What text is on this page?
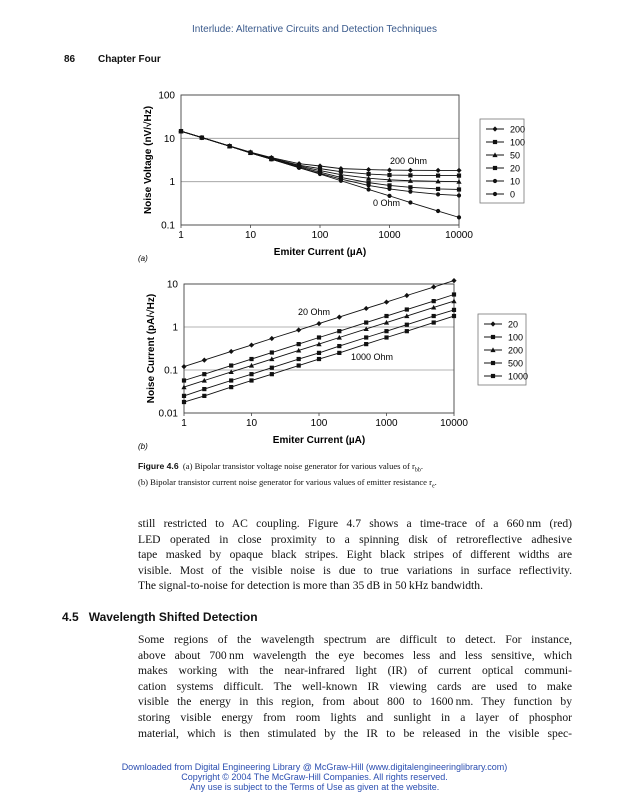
Interlude: Alternative Circuits and Detection Techniques
86 Chapter Four
1	10	100	1000	10000
100
10
1
0.1
Emiter Current (µA)
Noise Voltage (nV/√Hz)
(a)
200 Ohm
0 Ohm
200
100
50
20
10
0
1	10	100	1000	10000
10
1
0.1
0.01
Emiter Current (µA)
Noise Current (pA/√Hz)
(b)
20 Ohm
1000 Ohm
20
100
200
500
1000
Figure 4.6 (a) Bipolar transistor voltage noise generator for various values of $r_{bb}$.
(b) Bipolar transistor current noise generator for various values of emitter resistance $r_e$.
still restricted to AC coupling. Figure 4.7 shows a time-trace of a 660 nm (red)
LED operated in close proximity to a spinning disk of retroreflective adhesive
tape masked by opaque black stripes. Eight black stripes of different widths are
visible. Most of the visible noise is due to true variations in surface reflectivity.
The signal-to-noise for detection is more than 35 dB in 50 kHz bandwidth.
4.5 Wavelength Shifted Detection
Some regions of the wavelength spectrum are difficult to detect. For instance,
above about 700 nm wavelength the eye becomes less and less sensitive, which
makes working with the near-infrared light (IR) of current optical communi-
cation systems difficult. The well-known IR viewing cards are used to make
visible the energy in this region, from about 800 to 1600 nm. They function by
storing visible energy from room lights and sunlight in a layer of phosphor
material, which is then stimulated by the IR to be released in the visible spec-
Downloaded from Digital Engineering Library @ McGraw-Hill (www.digitalengineeringlibrary.com)
Copyright © 2004 The McGraw-Hill Companies. All rights reserved.
Any use is subject to the Terms of Use as given at the website.
